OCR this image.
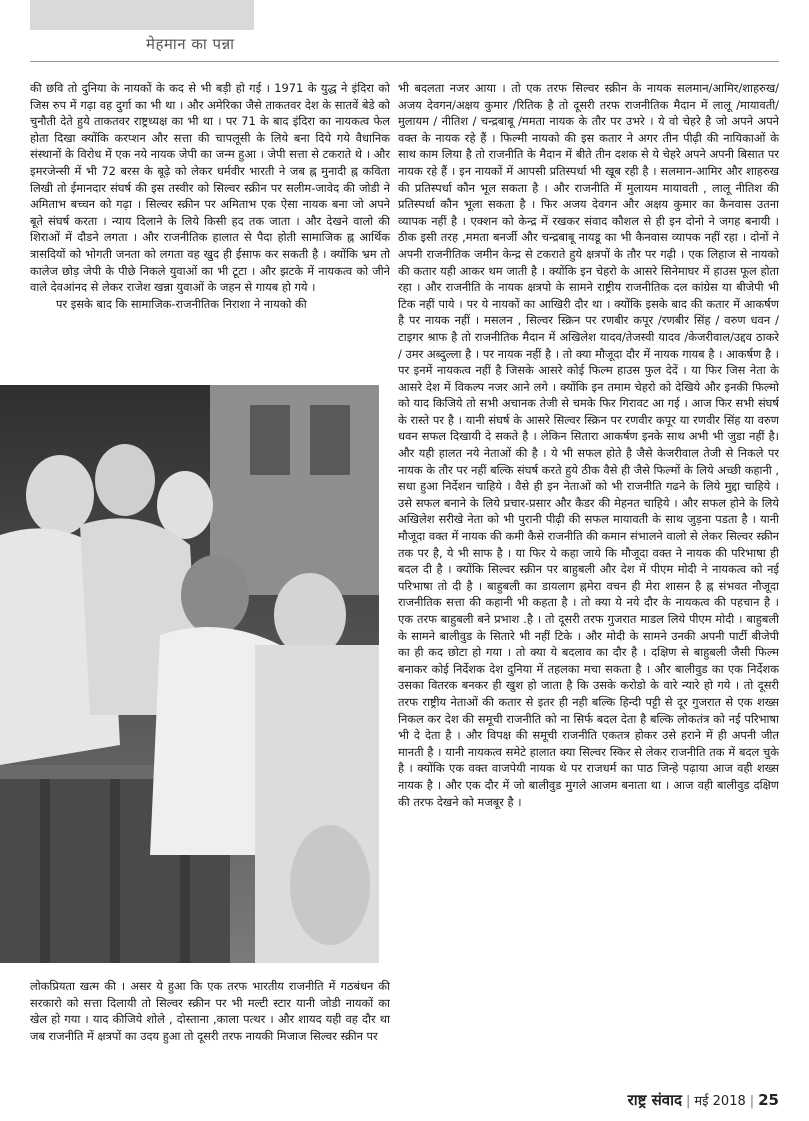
मेहमान का पन्ना

की छवि तो दुनिया के नायकों के कद से भी बड़ी हो गई । 1971 के युद्ध ने इंदिरा को जिस रुप में गढ़ा वह दुर्गा का भी था । और अमेरिका जैसे ताकतवर देश के सातवें बेडे को चुनौती देते हुये ताकतवर राष्ट्रध्यक्ष का भी था । पर 71 के बाद इंदिरा का नायकत्व फेल होता दिखा क्योंकि करप्शन और सत्ता की चापलूसी के लिये बना दिये गये वैधानिक संस्थानों के विरोध में एक नये नायक जेपी का जन्म हुआ । जेपी सत्ता से टकराते थे । और इमरजेन्सी में भी 72 बरस के बूढ़े को लेकर धर्मवीर भारती ने जब ह्न मुनादी ह्न कविता लिखी तो ईमानदार संघर्ष की इस तस्वीर को सिल्वर स्क्रीन पर सलीम-जावेद की जोडी ने अमिताभ बच्चन को गढ़ा । सिल्वर स्क्रीन पर अमिताभ एक ऐसा नायक बना जो अपने बूते संघर्ष करता । न्याय दिलाने के लिये किसी हद तक जाता । और देखने वालो की शिराओं में दौडने लगता । और राजनीतिक हालात से पैदा होती सामाजिक ह्न आर्थिक त्रासदियों को भोगती जनता को लगता वह खुद ही ईसाफ कर सकती है । क्योंकि भ्रम तो कालेज छोड़ जेपी के पीछे निकले युवाओं का भी टूटा । और झटके में नायकत्व को जीने वाले देवआंनद से लेकर राजेश खन्ना युवाओं के जहन से गायब हो गये ।

पर इसके बाद कि सामाजिक-राजनीतिक निराशा ने नायको की

लोकप्रियता खत्म की । असर ये हुआ कि एक तरफ भारतीय राजनीति में गठबंधन की सरकारो को सत्ता दिलायी तो सिल्वर स्क्रीन पर भी मल्टी स्टार यानी जोडी नायकों का खेल हो गया । याद कीजिये शोले , दोस्ताना ,काला पत्थर । और शायद यही वह दौर था जब राजनीति में क्षत्रपों का उदय हुआ तो दूसरी तरफ नायकी मिजाज सिल्वर स्क्रीन पर

भी बदलता नजर आया । तो एक तरफ सिल्वर स्क्रीन के नायक सलमान/आमिर/शाहरुख/अजय देवगन/अक्षय कुमार /रितिक है तो दूसरी तरफ राजनीतिक मैदान में लालू /मायावती/मुलायम / नीतिश / चन्द्रबाबू /ममता नायक के तौर पर उभरे । ये वो चेहरे है जो अपने अपने वक्त के नायक रहे हैं । फिल्मी नायको की इस कतार ने अगर तीन पीढ़ी की नायिकाओं के साथ काम लिया है तो राजनीति के मैदान में बीते तीन दशक से ये चेहरे अपने अपनी बिसात पर नायक रहे हैं । इन नायकों में आपसी प्रतिस्पर्धा भी खूब रही है । सलमान-आमिर और शाहरुख की प्रतिस्पर्धा कौन भूल सकता है । और राजनीति में मुलायम मायावती , लालू नीतिश की प्रतिस्पर्धा कौन भूला सकता है । फिर अजय देवगन और अक्षय कुमार का कैनवास उतना व्यापक नहीं है । एक्शन को केन्द्र में रखकर संवाद कौशल से ही इन दोनो ने जगह बनायी । ठीक इसी तरह ,ममता बनर्जी और चन्द्रबाबू नायडू का भी कैनवास व्यापक नहीं रहा । दोनों ने अपनी राजनीतिक जमीन केन्द्र से टकराते हुये क्षत्रपों के तौर पर गढ़ी । एक लिहाज से नायको की कतार यही आकर थम जाती है । क्योंकि इन चेहरो के आसरे सिनेमाघर में हाउस फूल होता रहा । और राजनीति के नायक क्षत्रपो के सामने राष्ट्रीय राजनीतिक दल कांग्रेस या बीजेपी भी टिक नहीं पाये । पर ये नायकों का आखिरी दौर था । क्योंकि इसके बाद की कतार में आकर्षण है पर नायक नहीं । मसलन , सिल्वर स्क्रिन पर रणबीर कपूर /रणबीर सिंह / वरुण धवन /टाइगर श्राफ है तो राजनीतिक मैदान में अखिलेश यादव/तेजस्वी यादव /केजरीवाल/उद्दव ठाकरे / उमर अब्दुल्ला है । पर नायक नहीं है । तो क्या मौजूदा दौर में नायक गायब है । आकर्षण है । पर इनमें नायकत्व नहीं है जिसके आसरे कोई फिल्म हाउस फुल देदें । या फिर जिस नेता के आसरे देश में विकल्प नजर आने लगे । क्योंकि इन तमाम चेहरो को देखिये और इनकी फिल्मो को याद किजिये तो सभी अचानक तेजी से चमके फिर गिरावट आ गई । आज फिर सभी संघर्ष के रास्ते पर है । यानी संघर्ष के आसरे सिल्वर स्क्रिन पर रणवीर कपूर या रणवीर सिंह या वरुण धवन सफल दिखायी दे सकते है । लेकिन सितारा आकर्षण इनके साथ अभी भी जुडा नहीं है। और यही हालत नये नेताओं की है । ये भी सफल होते है जैसे केजरीवाल तेजी से निकले पर नायक के तौर पर नहीं बल्कि संघर्ष करते हुये ठीक वैसे ही जैसे फिल्मों के लिये अच्छी कहानी , सधा हुआ निर्देशन चाहिये । वैसे ही इन नेताओं को भी राजनीति गढने के लिये मुद्दा चाहिये । उसे सफल बनाने के लिये प्रचार-प्रसार और कैडर की मेहनत चाहिये । और सफल होने के लिये अखिलेश सरीखे नेता को भी पुरानी पीढ़ी की सफल मायावती के साथ जुड़ना पडता है । यानी मौजूदा वक्त में नायक की कमी कैसे राजनीति की कमान संभालने वालो से लेकर सिल्वर स्क्रीन तक पर है, ये भी साफ है । या फिर ये कहा जाये कि मौजूदा वक्त ने नायक की परिभाषा ही बदल दी है । क्योंकि सिल्वर स्क्रीन पर बाहुबली और देश में पीएम मोदी ने नायकत्व को नई परिभाषा तो दी है । बाहुबली का डायलाग ह्नमेरा वचन ही मेरा शासन है ह्न संभवत नौजूदा राजनीतिक सत्ता की कहानी भी कहता है । तो क्या ये नये दौर के नायकत्व की पहचान है । एक तरफ बाहुबली बने प्रभाश .है । तो दूसरी तरफ गुजरात माडल लिये पीएम मोदी । बाहुबली के सामने बालीवुड के सितारे भी नहीं टिके । और मोदी के सामने उनकी अपनी पार्टी बीजेपी का ही कद छोटा हो गया । तो क्या ये बदलाव का दौर है । दक्षिण से बाहुबली जैसी फिल्म बनाकर कोई निर्देशक देश दुनिया में तहलका मचा सकता है । और बालीवुड का एक निर्देशक उसका वितरक बनकर ही खुश हो जाता है कि उसके करोडो के वारे न्यारे हो गये । तो दूसरी तरफ राष्ट्रीय नेताओं की कतार से इतर ही नही बल्कि हिन्दी पट्टी से दूर गुजरात से एक शख्स निकल कर देश की समूची राजनीति को ना सिर्फ बदल देता है बल्कि लोकतंत्र को नई परिभाषा भी दे देता है । और विपक्ष की समूची राजनीति एकतत्र होकर उसे हराने में ही अपनी जीत मानती है । यानी नायकत्व समेटे हालात क्या सिल्वर स्किर से लेकर राजनीति तक में बदल चुके है । क्योंकि एक वक्त वाजपेयी नायक थे पर राजधर्म का पाठ जिन्हे पढ़ाया आज वही शख्स नायक है । और एक दौर में जो बालीवुड मुगले आजम बनाता था । आज वही बालीवुड दक्षिण की तरफ देखने को मजबूर है ।

राष्ट्र संवाद | मई 2018 | 25
